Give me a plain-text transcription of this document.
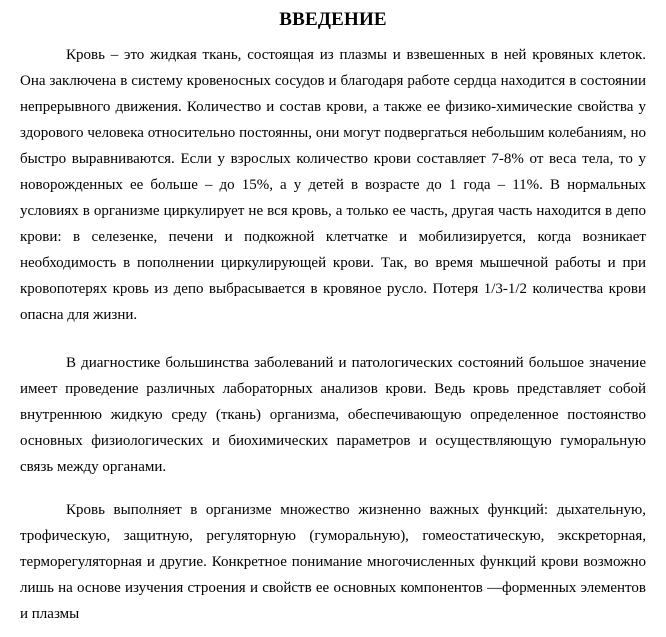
ВВЕДЕНИЕ

Кровь – это жидкая ткань, состоящая из плазмы и взвешенных в ней кровяных клеток. Она заключена в систему кровеносных сосудов и благодаря работе сердца находится в состоянии непрерывного движения. Количество и состав крови, а также ее физико-химические свойства у здорового человека относительно постоянны, они могут подвергаться небольшим колебаниям, но быстро выравниваются. Если у взрослых количество крови составляет 7-8% от веса тела, то у новорожденных ее больше – до 15%, а у детей в возрасте до 1 года – 11%. В нормальных условиях в организме циркулирует не вся кровь, а только ее часть, другая часть находится в депо крови: в селезенке, печени и подкожной клетчатке и мобилизируется, когда возникает необходимость в пополнении циркулирующей крови. Так, во время мышечной работы и при кровопотерях кровь из депо выбрасывается в кровяное русло. Потеря 1/3-1/2 количества крови опасна для жизни.

В диагностике большинства заболеваний и патологических состояний большое значение имеет проведение различных лабораторных анализов крови. Ведь кровь представляет собой внутреннюю жидкую среду (ткань) организма, обеспечивающую определенное постоянство основных физиологических и биохимических параметров и осуществляющую гуморальную связь между органами.

Кровь выполняет в организме множество жизненно важных функций: дыхательную, трофическую, защитную, регуляторную (гуморальную), гомеостатическую, экскреторная, терморегуляторная и другие. Конкретное понимание многочисленных функций крови возможно лишь на основе изучения строения и свойств ее основных компонентов —форменных элементов и плазмы
